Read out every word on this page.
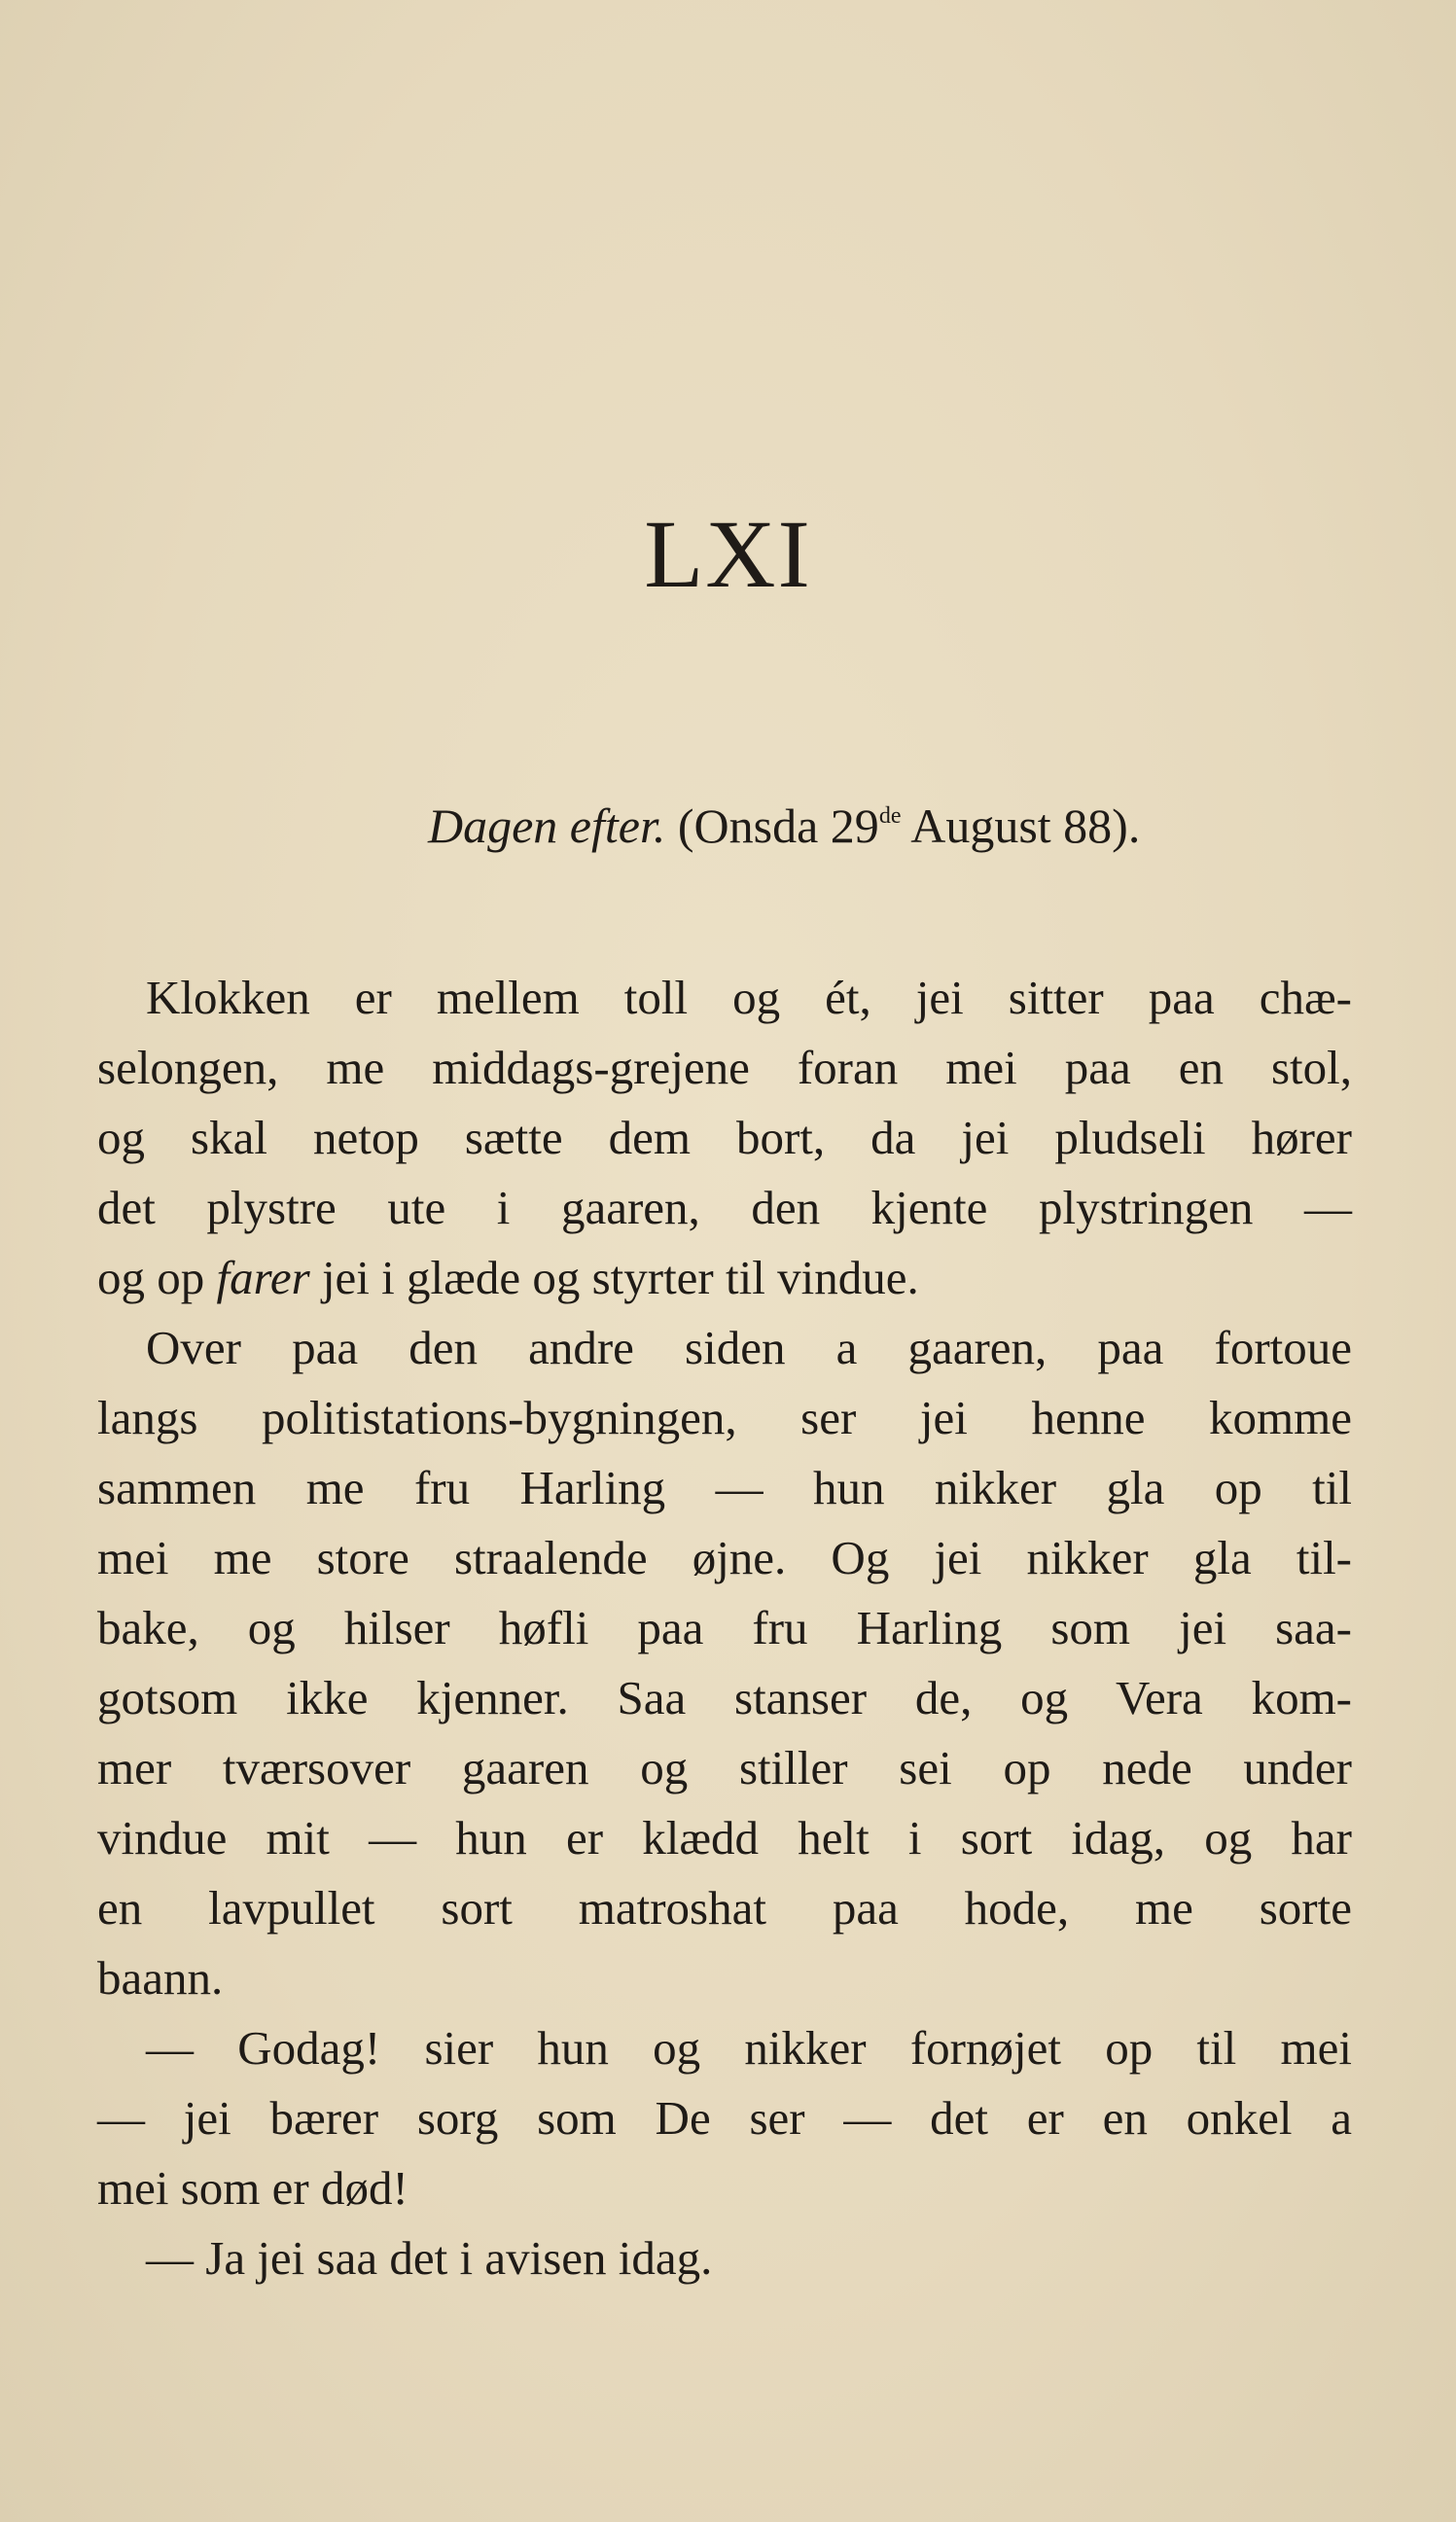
LXI
Dagen efter. (Onsda 29de August 88).
Klokken er mellem toll og ét, jei sitter paa chæ-
selongen, me middags-grejene foran mei paa en stol,
og skal netop sætte dem bort, da jei pludseli hører
det plystre ute i gaaren, den kjente plystringen —
og op farer jei i glæde og styrter til vindue.
Over paa den andre siden a gaaren, paa fortoue
langs politistations-bygningen, ser jei henne komme
sammen me fru Harling — hun nikker gla op til
mei me store straalende øjne. Og jei nikker gla til-
bake, og hilser høfli paa fru Harling som jei saa-
gotsom ikke kjenner. Saa stanser de, og Vera kom-
mer tværsover gaaren og stiller sei op nede under
vindue mit — hun er klædd helt i sort idag, og har
en lavpullet sort matroshat paa hode, me sorte
baann.
— Godag! sier hun og nikker fornøjet op til mei
— jei bærer sorg som De ser — det er en onkel a
mei som er død!
— Ja jei saa det i avisen idag.
